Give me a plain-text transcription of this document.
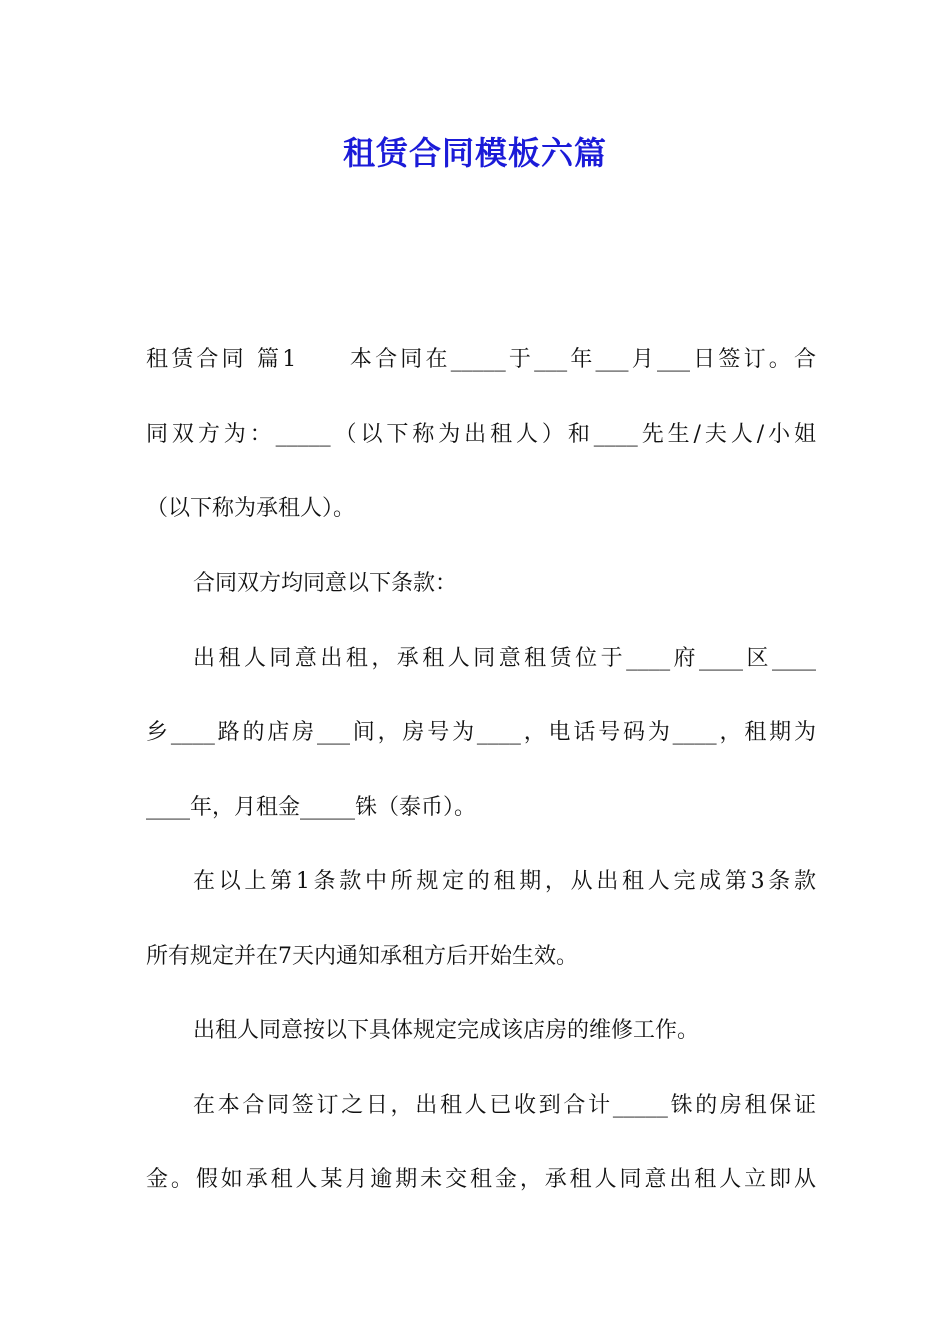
租赁合同模板六篇
租赁合同 篇1　　本合同在_____于___年___月___日签订。合
同双方为：_____（以下称为出租人）和____先生/夫人/小姐
（以下称为承租人）。
合同双方均同意以下条款：
出租人同意出租，承租人同意租赁位于____府____区____
乡____路的店房___间，房号为____，电话号码为____，租期为
____年，月租金_____铢（泰币）。
在以上第1条款中所规定的租期，从出租人完成第3条款
所有规定并在7天内通知承租方后开始生效。
出租人同意按以下具体规定完成该店房的维修工作。
在本合同签订之日，出租人已收到合计_____铢的房租保证
金。假如承租人某月逾期未交租金，承租人同意出租人立即从
